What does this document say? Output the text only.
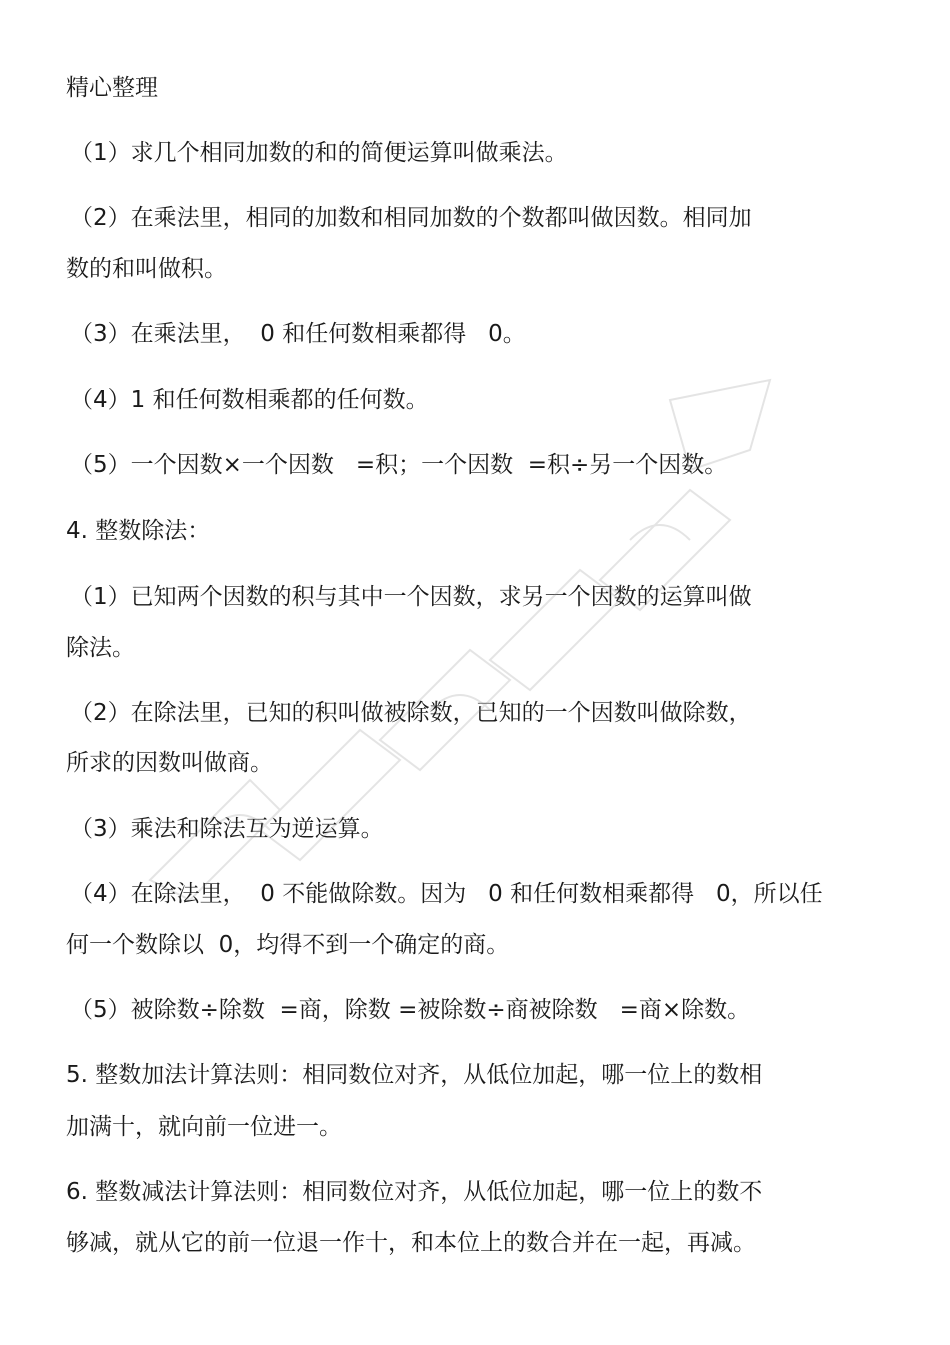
精心整理
（1）求几个相同加数的和的简便运算叫做乘法。
（2）在乘法里，相同的加数和相同加数的个数都叫做因数。相同加
数的和叫做积。
（3）在乘法里，  0 和任何数相乘都得   0。
（4）1 和任何数相乘都的任何数。
（5）一个因数×一个因数   =积；一个因数  =积÷另一个因数。
4. 整数除法：
（1）已知两个因数的积与其中一个因数，求另一个因数的运算叫做
除法。
（2）在除法里，已知的积叫做被除数，已知的一个因数叫做除数，
所求的因数叫做商。
（3）乘法和除法互为逆运算。
（4）在除法里，  0 不能做除数。因为   0 和任何数相乘都得   0，所以任
何一个数除以  0，均得不到一个确定的商。
（5）被除数÷除数  =商，除数 =被除数÷商被除数   =商×除数。
5. 整数加法计算法则：相同数位对齐，从低位加起，哪一位上的数相
加满十，就向前一位进一。
6. 整数减法计算法则：相同数位对齐，从低位加起，哪一位上的数不
够减，就从它的前一位退一作十，和本位上的数合并在一起，再减。
